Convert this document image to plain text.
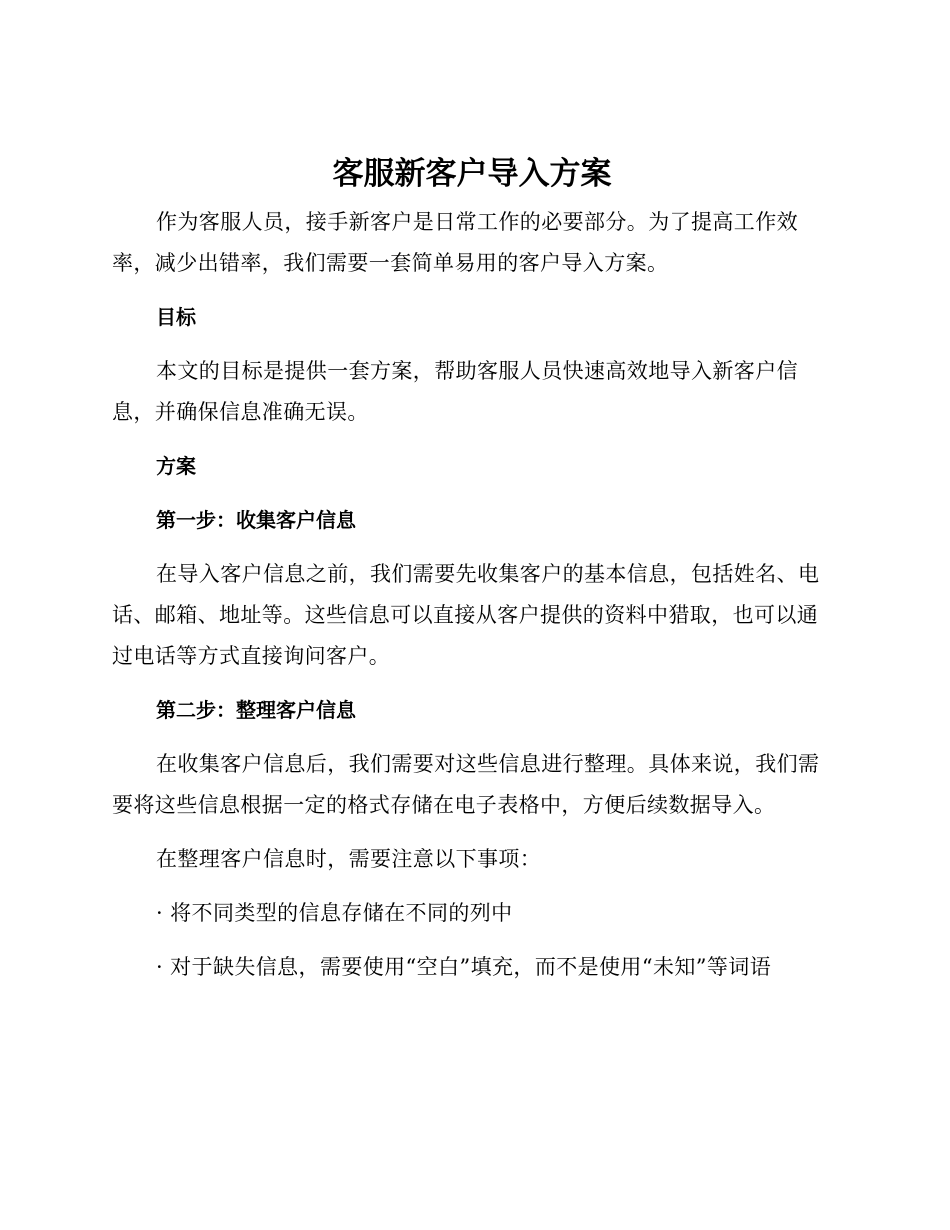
客服新客户导入方案

作为客服人员，接手新客户是日常工作的必要部分。为了提高工作效率，减少出错率，我们需要一套简单易用的客户导入方案。

目标

本文的目标是提供一套方案，帮助客服人员快速高效地导入新客户信息，并确保信息准确无误。

方案
第一步：收集客户信息

在导入客户信息之前，我们需要先收集客户的基本信息，包括姓名、电话、邮箱、地址等。这些信息可以直接从客户提供的资料中猎取，也可以通过电话等方式直接询问客户。

第二步：整理客户信息

在收集客户信息后，我们需要对这些信息进行整理。具体来说，我们需要将这些信息根据一定的格式存储在电子表格中，方便后续数据导入。

在整理客户信息时，需要注意以下事项：

· 将不同类型的信息存储在不同的列中

· 对于缺失信息，需要使用“空白”填充，而不是使用“未知”等词语
